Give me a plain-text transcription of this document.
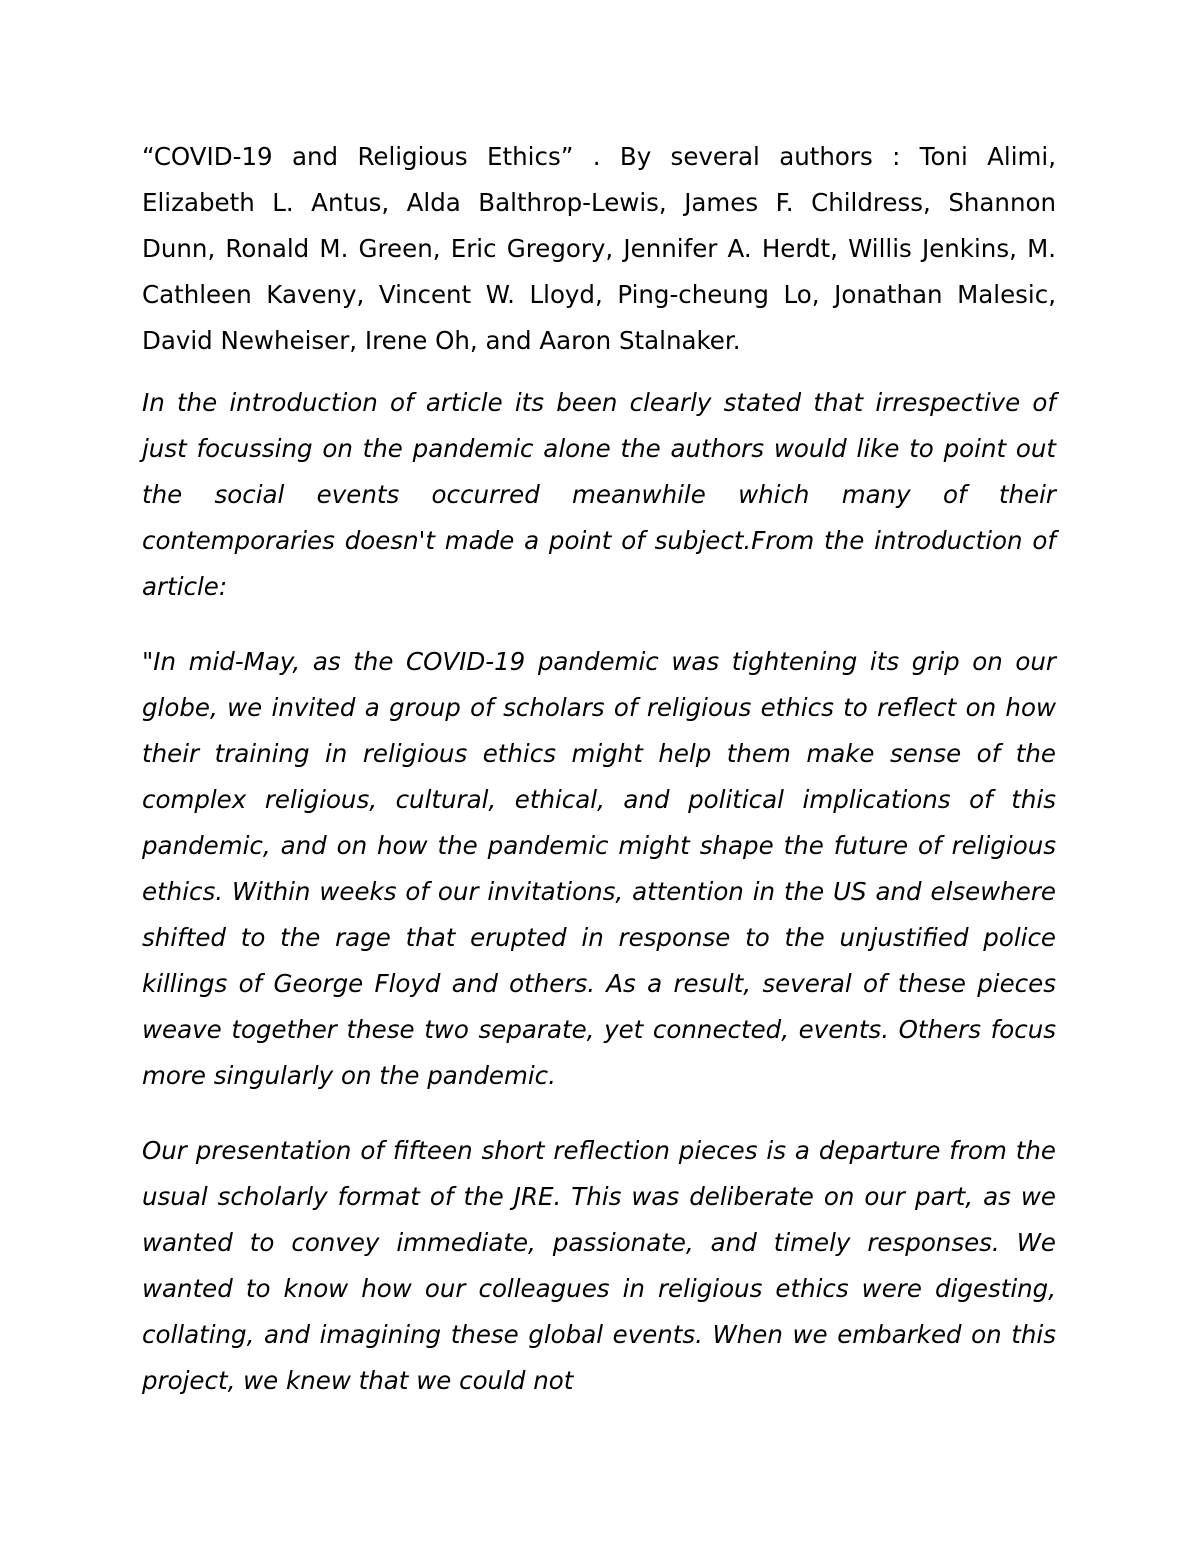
“COVID-19 and Religious Ethics” . By several authors : Toni Alimi, Elizabeth L. Antus, Alda Balthrop-Lewis, James F. Childress, Shannon Dunn, Ronald M. Green, Eric Gregory, Jennifer A. Herdt, Willis Jenkins, M. Cathleen Kaveny, Vincent W. Lloyd, Ping-cheung Lo, Jonathan Malesic, David Newheiser, Irene Oh, and Aaron Stalnaker.

In the introduction of article its been clearly stated that irrespective of just focussing on the pandemic alone the authors would like to point out the social events occurred meanwhile which many of their contemporaries doesn't made a point of subject.From the introduction of article:

"In mid-May, as the COVID-19 pandemic was tightening its grip on our globe, we invited a group of scholars of religious ethics to reflect on how their training in religious ethics might help them make sense of the complex religious, cultural, ethical, and political implications of this pandemic, and on how the pandemic might shape the future of religious ethics. Within weeks of our invitations, attention in the US and elsewhere shifted to the rage that erupted in response to the unjustified police killings of George Floyd and others. As a result, several of these pieces weave together these two separate, yet connected, events. Others focus more singularly on the pandemic.

Our presentation of fifteen short reflection pieces is a departure from the usual scholarly format of the JRE. This was deliberate on our part, as we wanted to convey immediate, passionate, and timely responses. We wanted to know how our colleagues in religious ethics were digesting, collating, and imagining these global events. When we embarked on this project, we knew that we could not
